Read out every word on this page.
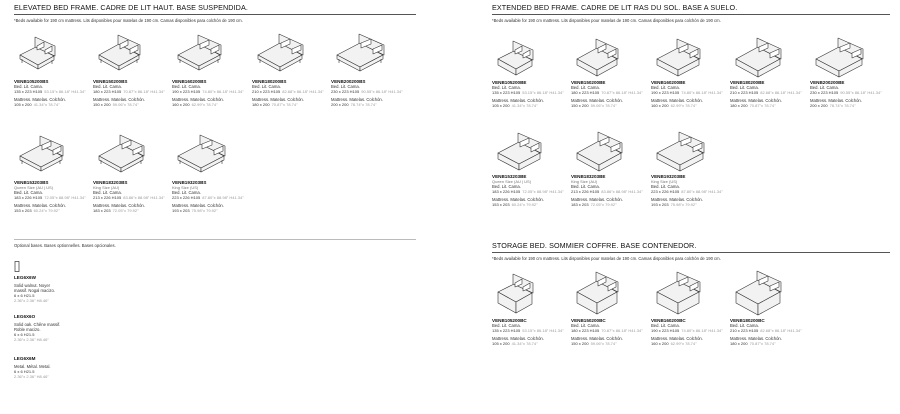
ELEVATED BED FRAME. CADRE DE LIT HAUT. BASE SUSPENDIDA.
*Beds available for 190 cm mattress. Lits disponibles pour matelas de 190 cm. Camas disponibles para colchón de 190 cm.
VENB105200BS
Bed. Lit. Cama.
135 x 223 H105 53.15"x 86.18" H41.34"
Mattress. Matelas. Colchón.
105 x 200 41.34"x 78.74"
VENB150200BS
Bed. Lit. Cama.
180 x 223 H105 70.87"x 86.18" H41.34"
Mattress. Matelas. Colchón.
150 x 200 59.06"x 78.74"
VENB160200BS
Bed. Lit. Cama.
190 x 223 H105 74.80"x 86.18" H41.34"
Mattress. Matelas. Colchón.
160 x 200 62.99"x 78.74"
VENB180200BS
Bed. Lit. Cama.
210 x 223 H105 82.68"x 86.18" H41.34"
Mattress. Matelas. Colchón.
180 x 200 70.87"x 78.74"
VENB200200BS
Bed. Lit. Cama.
230 x 223 H105 90.55"x 86.18" H41.34"
Mattress. Matelas. Colchón.
200 x 200 78.74"x 78.74"
VENB153203BS
Queen Size (AU | US)
Bed. Lit. Cama.
183 x 226 H105 72.05"x 88.98" H41.34"
Mattress. Matelas. Colchón.
153 x 203 60.24"x 79.92"
VENB183203BS
King Size (AU)
Bed. Lit. Cama.
213 x 226 H105 83.86"x 88.98" H41.34"
Mattress. Matelas. Colchón.
183 x 203 72.05"x 79.92"
VENB193203BS
King Size (US)
Bed. Lit. Cama.
223 x 226 H105 87.80"x 88.98" H41.34"
Mattress. Matelas. Colchón.
193 x 203 75.98"x 79.92"
Optional bases. Bases optionnelles. Bases opcionales.
LEG6X6W
Solid walnut. Noyer
massif. Nogal macizo.
6 x 6 H21.5
2.36"x 2.36" H8.46"
LEG6X6O
Solid oak. Chêne massif.
Roble macizo.
6 x 6 H21.5
2.36"x 2.36" H8.46"
LEG6X6M
Metal. Métal. Metal.
6 x 6 H21.5
2.36"x 2.36" H8.46"
EXTENDED BED FRAME. CADRE DE LIT RAS DU SOL. BASE A SUELO.
*Beds available for 190 cm mattress. Lits disponibles pour matelas de 190 cm. Camas disponibles para colchón de 190 cm.
VENB105200BE
Bed. Lit. Cama.
135 x 223 H105 53.15"x 86.18" H41.34"
Mattress. Matelas. Colchón.
105 x 200 41.34"x 78.74"
VENB150200BE
Bed. Lit. Cama.
180 x 223 H105 70.87"x 86.18" H41.34"
Mattress. Matelas. Colchón.
150 x 200 59.06"x 78.74"
VENB160200BE
Bed. Lit. Cama.
190 x 223 H105 74.80"x 86.18" H41.34"
Mattress. Matelas. Colchón.
160 x 200 62.99"x 78.74"
VENB180200BE
Bed. Lit. Cama.
210 x 223 H105 82.68"x 86.18" H41.34"
Mattress. Matelas. Colchón.
180 x 200 70.87"x 78.74"
VENB200200BE
Bed. Lit. Cama.
230 x 223 H105 90.55"x 86.18" H41.34"
Mattress. Matelas. Colchón.
200 x 200 78.74"x 78.74"
VENB153203BE
Queen Size (AU | US)
Bed. Lit. Cama.
183 x 226 H105 72.05"x 88.98" H41.34"
Mattress. Matelas. Colchón.
153 x 203 60.24"x 79.92"
VENB183203BE
King Size (AU)
Bed. Lit. Cama.
213 x 226 H105 83.86"x 88.98" H41.34"
Mattress. Matelas. Colchón.
183 x 203 72.05"x 79.92"
VENB193203BE
King Size (US)
Bed. Lit. Cama.
223 x 226 H105 87.80"x 88.98" H41.34"
Mattress. Matelas. Colchón.
193 x 203 75.98"x 79.92"
STORAGE BED. SOMMIER COFFRE. BASE CONTENEDOR.
*Beds available for 190 cm mattress. Lits disponibles pour matelas de 190 cm. Camas disponibles para colchón de 190 cm.
VENB105200BC
Bed. Lit. Cama.
135 x 223 H105 53.15"x 86.18" H41.34"
Mattress. Matelas. Colchón.
105 x 200 41.34"x 78.74"
VENB150200BC
Bed. Lit. Cama.
180 x 223 H105 70.87"x 86.18" H41.34"
Mattress. Matelas. Colchón.
150 x 200 59.06"x 78.74"
VENB160200BC
Bed. Lit. Cama.
190 x 223 H105 74.80"x 86.18" H41.34"
Mattress. Matelas. Colchón.
160 x 200 62.99"x 78.74"
VENB180200BC
Bed. Lit. Cama.
210 x 223 H105 82.68"x 86.18" H41.34"
Mattress. Matelas. Colchón.
180 x 200 70.87"x 78.74"
